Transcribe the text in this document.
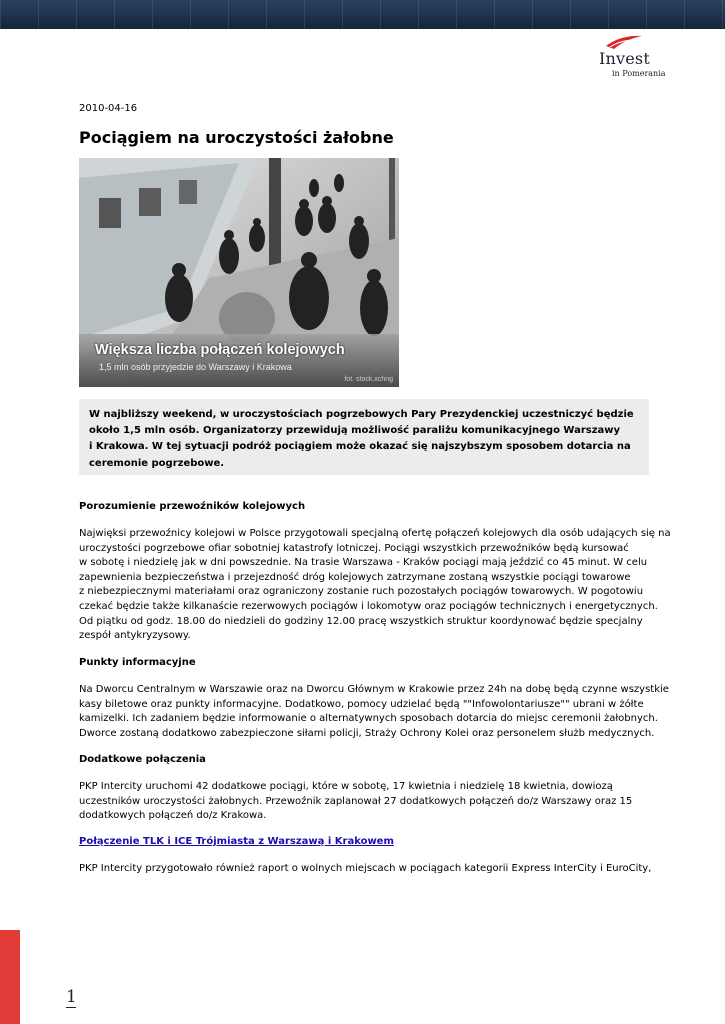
Invest
in Pomerania
2010-04-16
Pociągiem na uroczystości żałobne
Większa liczba połączeń kolejowych
1,5 mln osób przyjedzie do Warszawy i Krakowa
fot. stock.xchng
W najbliższy weekend, w uroczystościach pogrzebowych Pary Prezydenckiej uczestniczyć będzie
około 1,5 mln osób. Organizatorzy przewidują możliwość paraliżu komunikacyjnego Warszawy
i Krakowa. W tej sytuacji podróż pociągiem może okazać się najszybszym sposobem dotarcia na
ceremonie pogrzebowe.
Porozumienie przewoźników kolejowych
Najwięksi przewoźnicy kolejowi w Polsce przygotowali specjalną ofertę połączeń kolejowych dla osób udających się na
uroczystości pogrzebowe ofiar sobotniej katastrofy lotniczej. Pociągi wszystkich przewoźników będą kursować
w sobotę i niedzielę jak w dni powszednie. Na trasie Warszawa - Kraków pociągi mają jeździć co 45 minut. W celu
zapewnienia bezpieczeństwa i przejezdność dróg kolejowych zatrzymane zostaną wszystkie pociągi towarowe
z niebezpiecznymi materiałami oraz ograniczony zostanie ruch pozostałych pociągów towarowych. W pogotowiu
czekać będzie także kilkanaście rezerwowych pociągów i lokomotyw oraz pociągów technicznych i energetycznych.
Od piątku od godz. 18.00 do niedzieli do godziny 12.00 pracę wszystkich struktur koordynować będzie specjalny
zespół antykryzysowy.
Punkty informacyjne
Na Dworcu Centralnym w Warszawie oraz na Dworcu Głównym w Krakowie przez 24h na dobę będą czynne wszystkie
kasy biletowe oraz punkty informacyjne. Dodatkowo, pomocy udzielać będą ""Infowolontariusze"" ubrani w żółte
kamizelki. Ich zadaniem będzie informowanie o alternatywnych sposobach dotarcia do miejsc ceremonii żałobnych.
Dworce zostaną dodatkowo zabezpieczone siłami policji, Straży Ochrony Kolei oraz personelem służb medycznych.
Dodatkowe połączenia
PKP Intercity uruchomi 42 dodatkowe pociągi, które w sobotę, 17 kwietnia i niedzielę 18 kwietnia, dowiozą
uczestników uroczystości żałobnych. Przewoźnik zaplanował 27 dodatkowych połączeń do/z Warszawy oraz 15
dodatkowych połączeń do/z Krakowa.
Połączenie TLK i ICE Trójmiasta z Warszawą i Krakowem
PKP Intercity przygotowało również raport o wolnych miejscach w pociągach kategorii Express InterCity i EuroCity,
1
